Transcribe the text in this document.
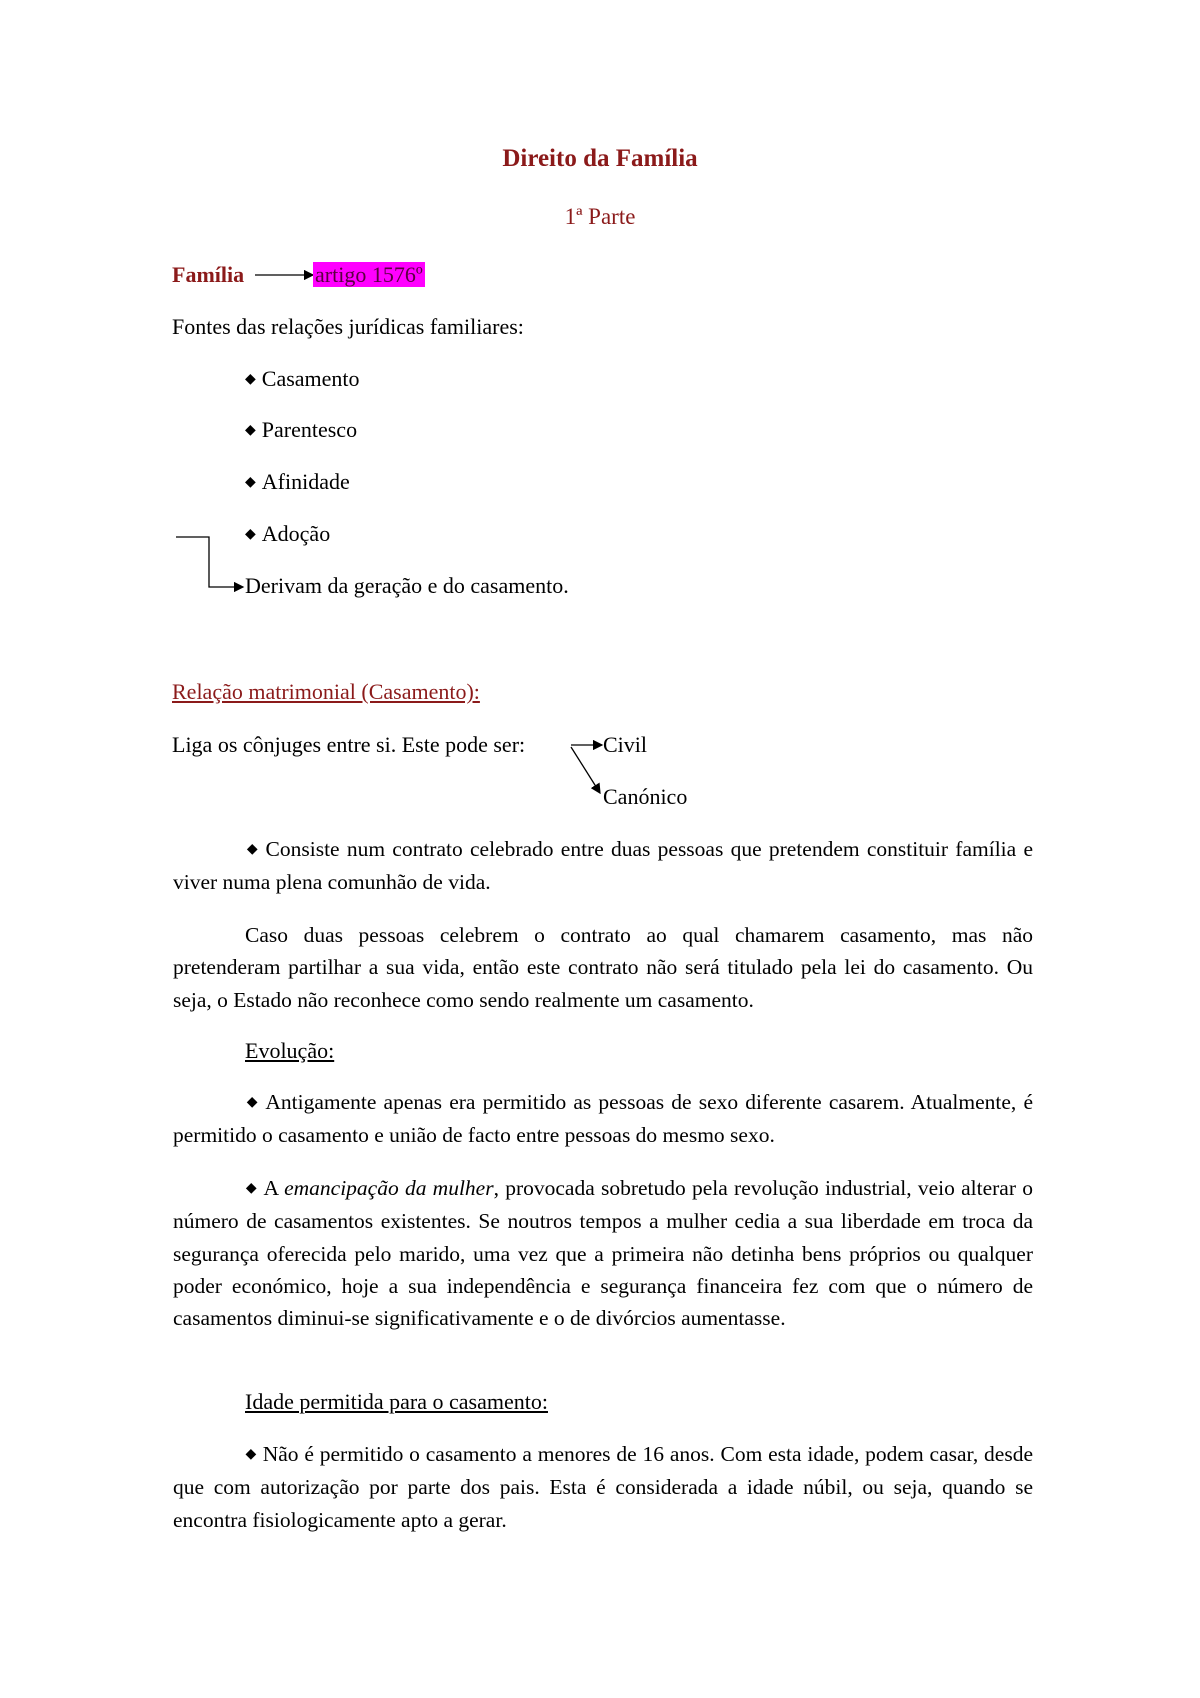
Direito da Família
1ª Parte
Família	artigo 1576º
Fontes das relações jurídicas familiares:
◆ Casamento
◆ Parentesco
◆ Afinidade
◆ Adoção
Derivam da geração e do casamento.
Relação matrimonial (Casamento):
Liga os cônjuges entre si. Este pode ser:	Civil
Canónico
◆ Consiste num contrato celebrado entre duas pessoas que pretendem constituir família e viver numa plena comunhão de vida.
Caso duas pessoas celebrem o contrato ao qual chamarem casamento, mas não pretenderam partilhar a sua vida, então este contrato não será titulado pela lei do casamento. Ou seja, o Estado não reconhece como sendo realmente um casamento.
Evolução:
◆ Antigamente apenas era permitido as pessoas de sexo diferente casarem. Atualmente, é permitido o casamento e união de facto entre pessoas do mesmo sexo.
◆ A emancipação da mulher, provocada sobretudo pela revolução industrial, veio alterar o número de casamentos existentes. Se noutros tempos a mulher cedia a sua liberdade em troca da segurança oferecida pelo marido, uma vez que a primeira não detinha bens próprios ou qualquer poder económico, hoje a sua independência e segurança financeira fez com que o número de casamentos diminui-se significativamente e o de divórcios aumentasse.
Idade permitida para o casamento:
◆ Não é permitido o casamento a menores de 16 anos. Com esta idade, podem casar, desde que com autorização por parte dos pais. Esta é considerada a idade núbil, ou seja, quando se encontra fisiologicamente apto a gerar.
